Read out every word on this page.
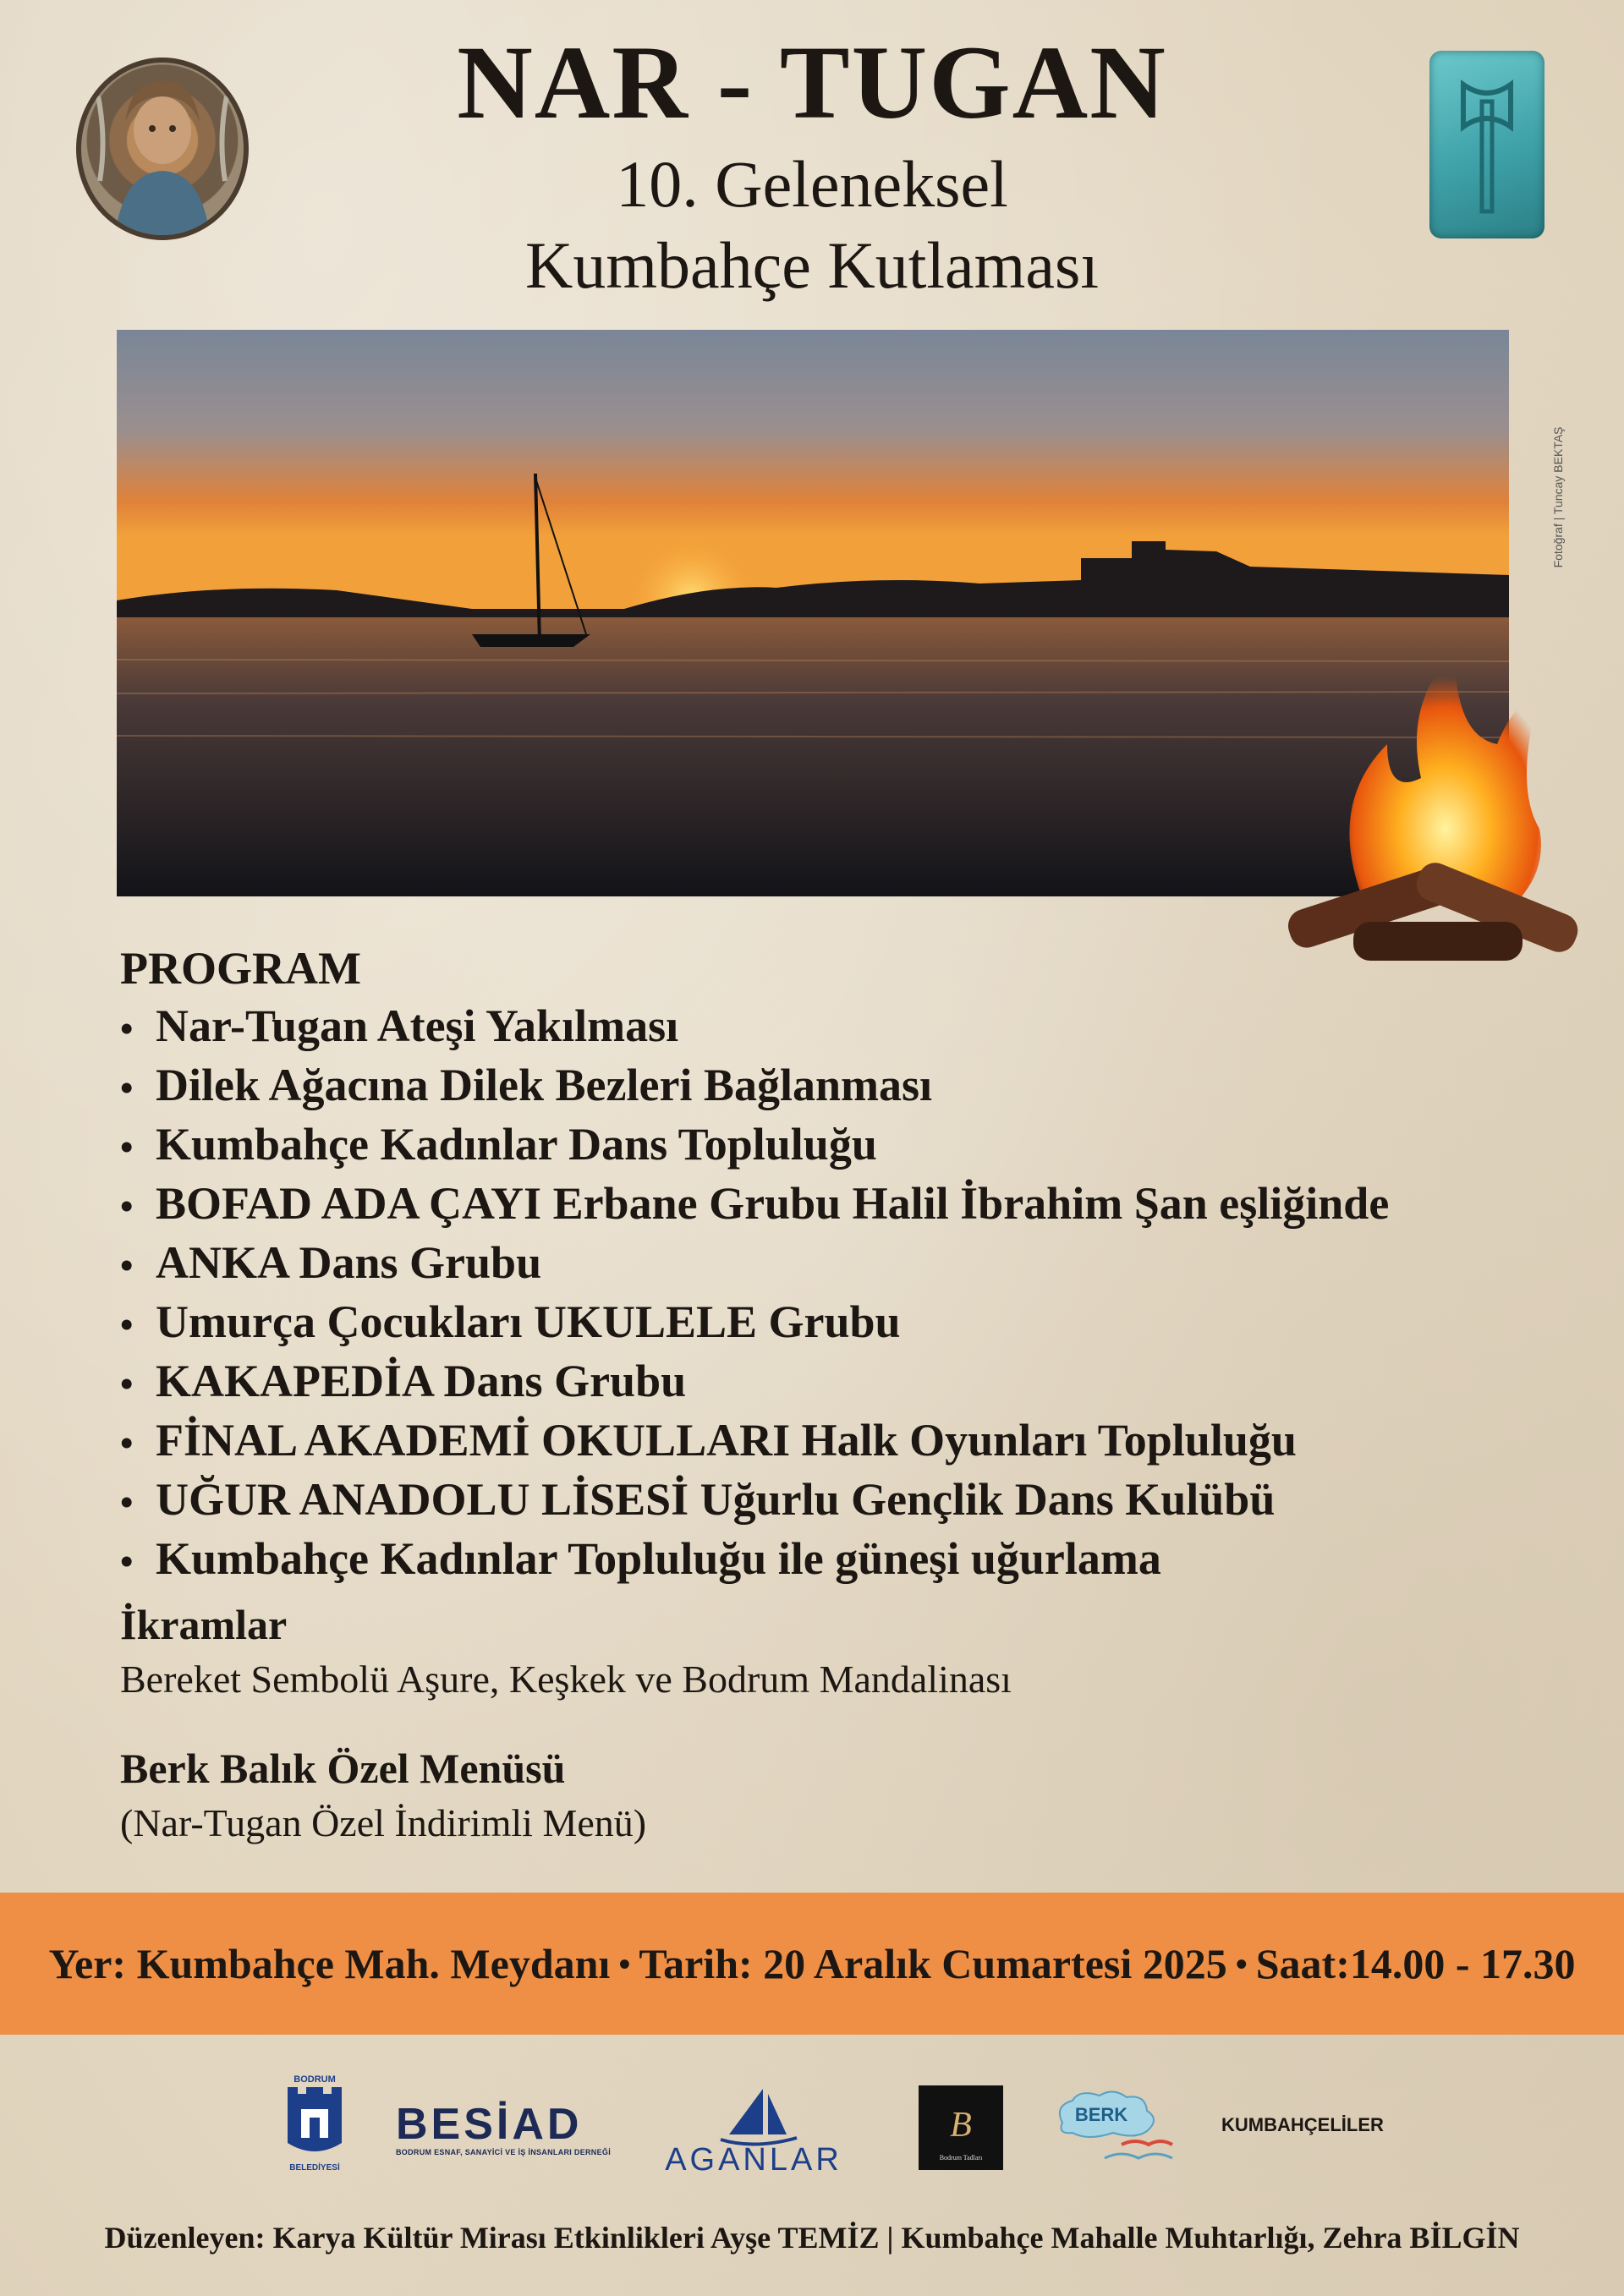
NAR - TUGAN
10. Geleneksel
Kumbahçe Kutlaması
Fotoğraf | Tuncay BEKTAŞ
PROGRAM
• Nar-Tugan Ateşi Yakılması
• Dilek Ağacına Dilek Bezleri Bağlanması
• Kumbahçe Kadınlar Dans Topluluğu
• BOFAD ADA ÇAYI Erbane Grubu Halil İbrahim Şan eşliğinde
• ANKA Dans Grubu
• Umurça Çocukları UKULELE Grubu
• KAKAPEDİA Dans Grubu
• FİNAL AKADEMİ OKULLARI Halk Oyunları Topluluğu
• UĞUR ANADOLU LİSESİ Uğurlu Gençlik Dans Kulübü
• Kumbahçe Kadınlar Topluluğu ile güneşi uğurlama
İkramlar
Bereket Sembolü Aşure, Keşkek ve Bodrum Mandalinası
Berk Balık Özel Menüsü
(Nar-Tugan Özel İndirimli Menü)
Yer: Kumbahçe Mah. Meydanı • Tarih: 20 Aralık Cumartesi 2025 • Saat:14.00 - 17.30
BODRUM
BELEDİYESİ
BESİAD
BODRUM ESNAF, SANAYİCİ VE İŞ İNSANLARI DERNEĞİ AGANLAR
B
Bodrum Tadları
BERK	KUMBAHÇELİLER
Düzenleyen: Karya Kültür Mirası Etkinlikleri Ayşe TEMİZ | Kumbahçe Mahalle Muhtarlığı, Zehra BİLGİN
